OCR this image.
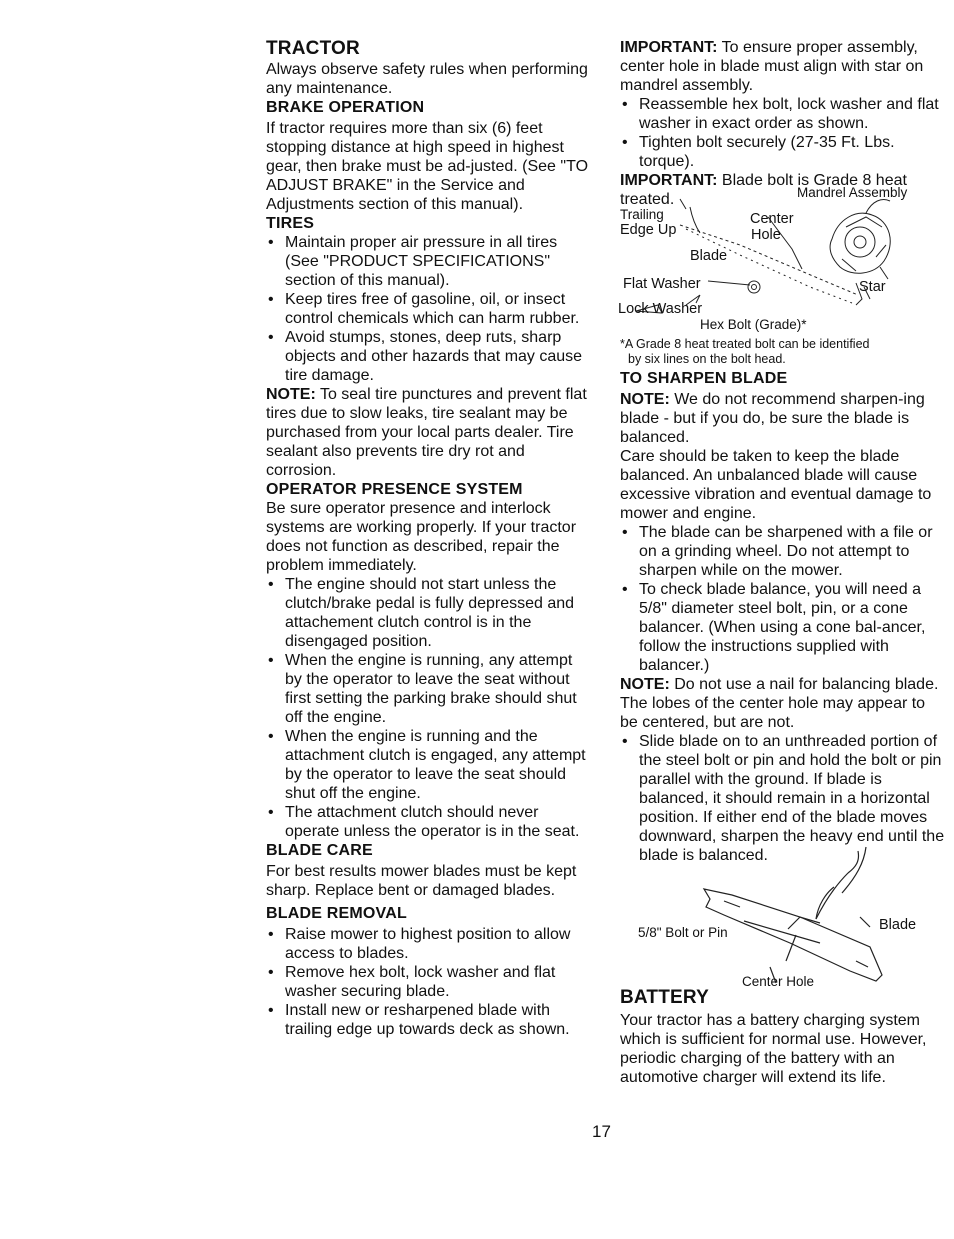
TRACTOR

Always observe safety rules when performing any maintenance.

BRAKE OPERATION

If tractor requires more than six (6) feet stopping distance at high speed in highest gear, then brake must be ad-justed. (See "TO ADJUST BRAKE" in the Service and Adjustments section of this manual).

TIRES
• Maintain proper air pressure in all tires (See "PRODUCT SPECIFICATIONS" section of this manual).
• Keep tires free of gasoline, oil, or insect control chemicals which can harm rubber.
• Avoid stumps, stones, deep ruts, sharp objects and other hazards that may cause tire damage.

NOTE: To seal tire punctures and prevent flat tires due to slow leaks, tire sealant may be purchased from your local parts dealer. Tire sealant also prevents tire dry rot and corrosion.

OPERATOR PRESENCE SYSTEM

Be sure operator presence and interlock systems are working properly. If your tractor does not function as described, repair the problem immediately.

• The engine should not start unless the clutch/brake pedal is fully depressed and attachement clutch control is in the disengaged position.
• When the engine is running, any attempt by the operator to leave the seat without first setting the parking brake should shut off the engine.
• When the engine is running and the attachment clutch is engaged, any attempt by the operator to leave the seat should shut off the engine.
• The attachment clutch should never operate unless the operator is in the seat.
BLADE CARE

For best results mower blades must be kept sharp. Replace bent or damaged blades.

BLADE REMOVAL
• Raise mower to highest position to allow access to blades.
• Remove hex bolt, lock washer and flat washer securing blade.
• Install new or resharpened blade with trailing edge up towards deck as shown.

IMPORTANT: To ensure proper assembly, center hole in blade must align with star on mandrel assembly.

• Reassemble hex bolt, lock washer and flat washer in exact order as shown.
• Tighten bolt securely (27-35 Ft. Lbs. torque).

IMPORTANT: Blade bolt is Grade 8 heat treated.	Mandrel Assembly
Trailing
Edge Up
Center
Hole
Blade
Flat Washer	Star
Lock Washer
Hex Bolt (Grade)*

*A Grade 8 heat treated bolt can be identified

by six lines on the bolt head.

TO SHARPEN BLADE

NOTE: We do not recommend sharpen-ing blade - but if you do, be sure the blade is balanced.

Care should be taken to keep the blade balanced. An unbalanced blade will cause excessive vibration and eventual damage to mower and engine.

• The blade can be sharpened with a file or on a grinding wheel. Do not attempt to sharpen while on the mower.
• To check blade balance, you will need a 5/8" diameter steel bolt, pin, or a cone balancer. (When using a cone bal-ancer, follow the instructions supplied with balancer.)

NOTE: Do not use a nail for balancing blade. The lobes of the center hole may appear to be centered, but are not.

• Slide blade on to an unthreaded portion of the steel bolt or pin and hold the bolt or pin parallel with the ground. If blade is balanced, it should remain in a horizontal position. If either end of the blade moves downward, sharpen the heavy end until the blade is balanced.
5/8" Bolt or Pin	Blade
Center Hole
BATTERY

Your tractor has a battery charging system which is sufficient for normal use. However, periodic charging of the battery with an automotive charger will extend its life.

17
